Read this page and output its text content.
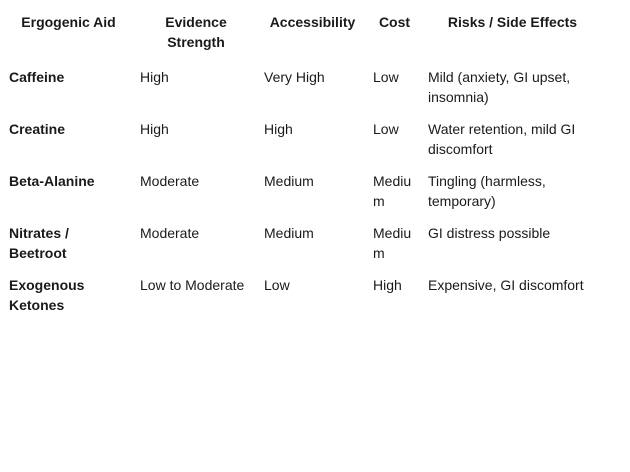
Ergogenic Aid	Evidence Strength	Accessibility	Cost	Risks / Side Effects
Caffeine	High	Very High	Low	Mild (anxiety, GI upset, insomnia)
Creatine	High	High	Low	Water retention, mild GI discomfort
Beta-Alanine	Moderate	Medium	Medium	Tingling (harmless, temporary)
Nitrates / Beetroot	Moderate	Medium	Medium	GI distress possible
Exogenous Ketones	Low to Moderate	Low	High	Expensive, GI discomfort
